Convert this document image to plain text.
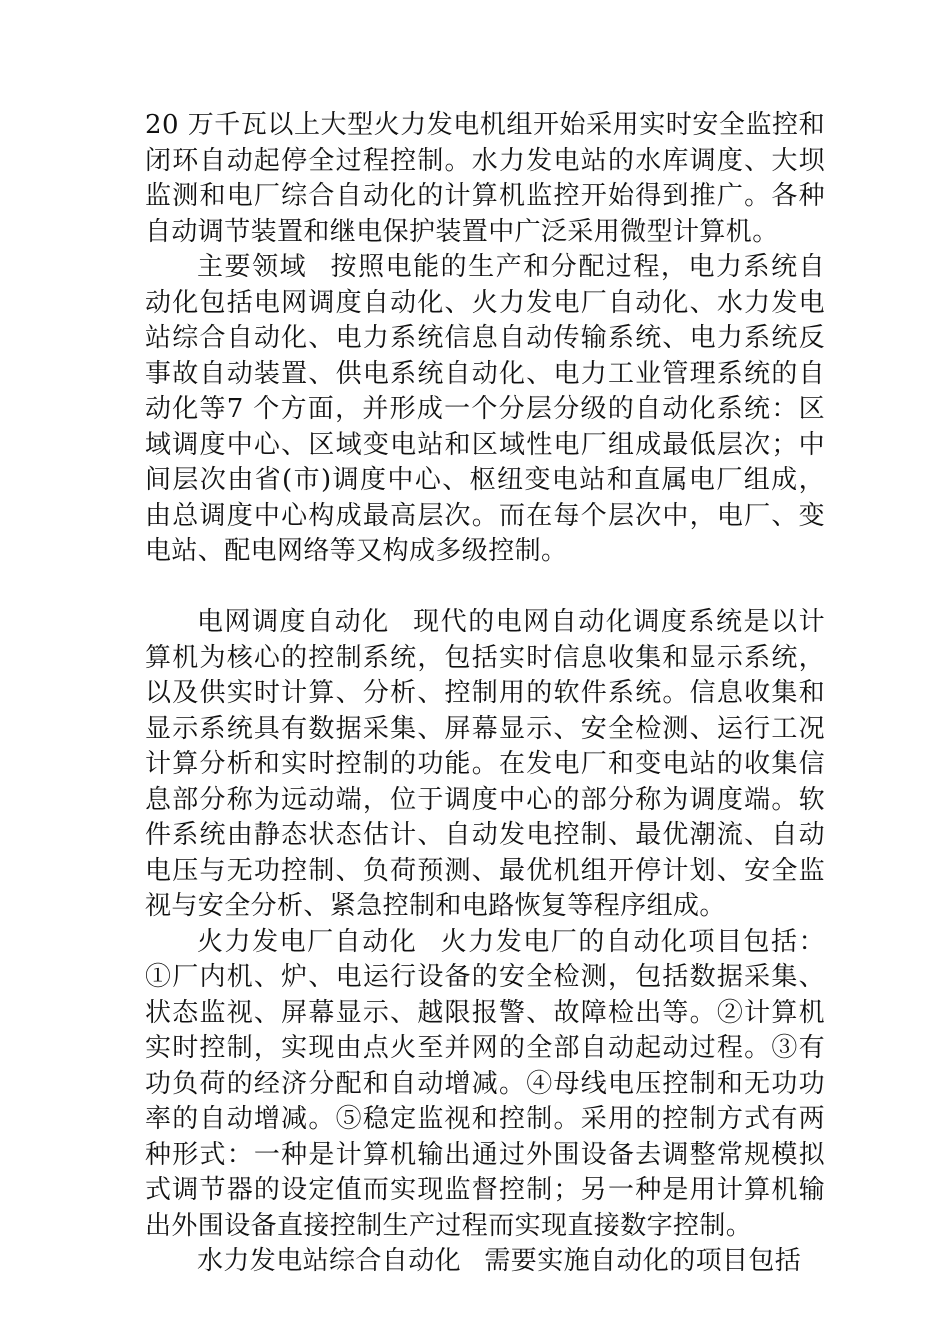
20 万千瓦以上大型火力发电机组开始采用实时安全监控和闭环自动起停全过程控制。水力发电站的水库调度、大坝监测和电厂综合自动化的计算机监控开始得到推广。各种自动调节装置和继电保护装置中广泛采用微型计算机。

主要领域 按照电能的生产和分配过程，电力系统自动化包括电网调度自动化、火力发电厂自动化、水力发电站综合自动化、电力系统信息自动传输系统、电力系统反事故自动装置、供电系统自动化、电力工业管理系统的自动化等7 个方面，并形成一个分层分级的自动化系统：区域调度中心、区域变电站和区域性电厂组成最低层次；中间层次由省(市)调度中心、枢纽变电站和直属电厂组成，由总调度中心构成最高层次。而在每个层次中，电厂、变电站、配电网络等又构成多级控制。

电网调度自动化 现代的电网自动化调度系统是以计算机为核心的控制系统，包括实时信息收集和显示系统，以及供实时计算、分析、控制用的软件系统。信息收集和显示系统具有数据采集、屏幕显示、安全检测、运行工况计算分析和实时控制的功能。在发电厂和变电站的收集信息部分称为远动端，位于调度中心的部分称为调度端。软件系统由静态状态估计、自动发电控制、最优潮流、自动电压与无功控制、负荷预测、最优机组开停计划、安全监视与安全分析、紧急控制和电路恢复等程序组成。

火力发电厂自动化 火力发电厂的自动化项目包括：①厂内机、炉、电运行设备的安全检测，包括数据采集、状态监视、屏幕显示、越限报警、故障检出等。②计算机实时控制，实现由点火至并网的全部自动起动过程。③有功负荷的经济分配和自动增减。④母线电压控制和无功功率的自动增减。⑤稳定监视和控制。采用的控制方式有两种形式：一种是计算机输出通过外围设备去调整常规模拟式调节器的设定值而实现监督控制；另一种是用计算机输出外围设备直接控制生产过程而实现直接数字控制。

水力发电站综合自动化 需要实施自动化的项目包括
